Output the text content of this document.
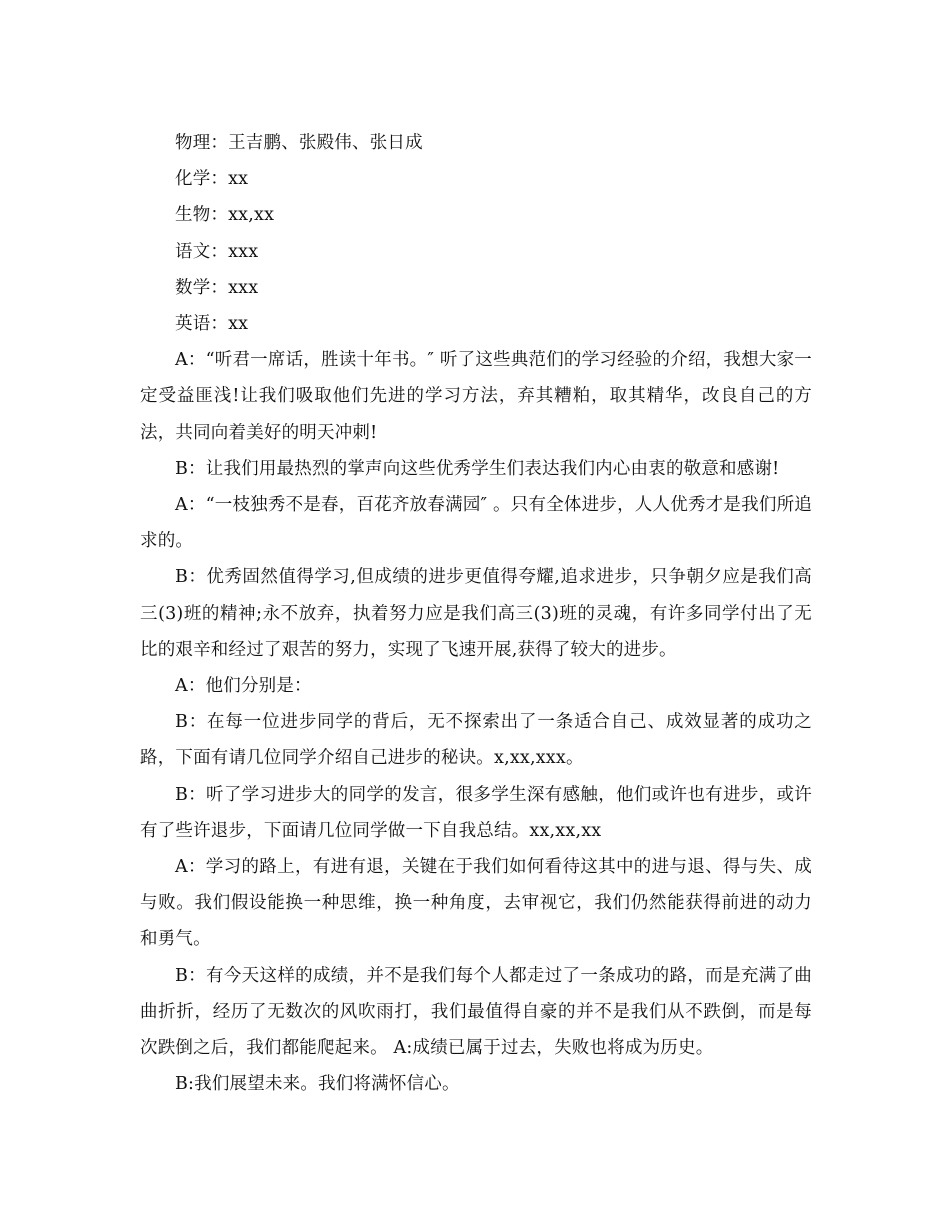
物理：王吉鹏、张殿伟、张日成

化学：xx

生物：xx,xx

语文：xxx

数学：xxx

英语：xx

A：“听君一席话，胜读十年书。″ 听了这些典范们的学习经验的介绍，我想大家一定受益匪浅!让我们吸取他们先进的学习方法，弃其糟粕，取其精华，改良自己的方法，共同向着美好的明天冲刺!

B：让我们用最热烈的掌声向这些优秀学生们表达我们内心由衷的敬意和感谢!

A：“一枝独秀不是春，百花齐放春满园″ 。只有全体进步，人人优秀才是我们所追求的。

B：优秀固然值得学习,但成绩的进步更值得夸耀,追求进步，只争朝夕应是我们高三(3)班的精神;永不放弃，执着努力应是我们高三(3)班的灵魂，有许多同学付出了无比的艰辛和经过了艰苦的努力，实现了飞速开展,获得了较大的进步。

A：他们分别是：

B：在每一位进步同学的背后，无不探索出了一条适合自己、成效显著的成功之路，下面有请几位同学介绍自己进步的秘诀。x,xx,xxx。

B：听了学习进步大的同学的发言，很多学生深有感触，他们或许也有进步，或许有了些许退步，下面请几位同学做一下自我总结。xx,xx,xx

A：学习的路上，有进有退，关键在于我们如何看待这其中的进与退、得与失、成与败。我们假设能换一种思维，换一种角度，去审视它，我们仍然能获得前进的动力和勇气。

B：有今天这样的成绩，并不是我们每个人都走过了一条成功的路，而是充满了曲曲折折，经历了无数次的风吹雨打，我们最值得自豪的并不是我们从不跌倒，而是每次跌倒之后，我们都能爬起来。 A:成绩已属于过去，失败也将成为历史。

B:我们展望未来。我们将满怀信心。
